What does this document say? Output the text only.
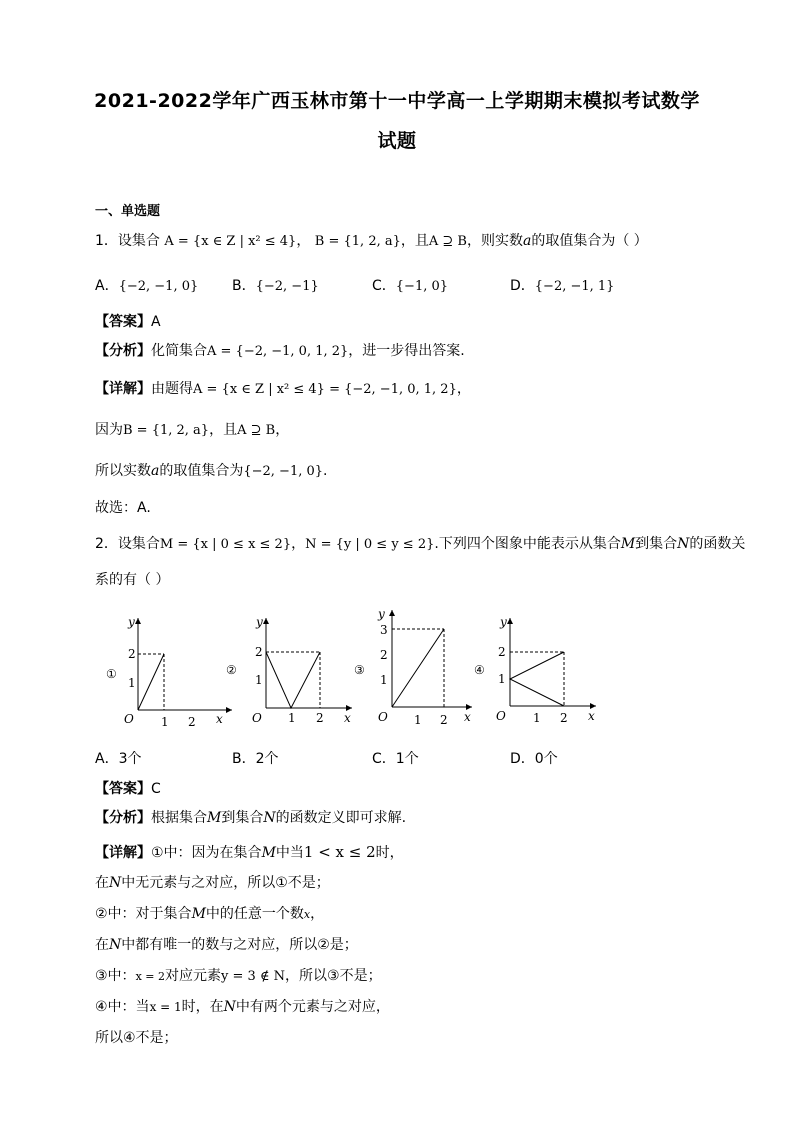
2021-2022学年广西玉林市第十一中学高一上学期期末模拟考试数学
试题
一、单选题
1．设集合 A = {x ∈ Z | x² ≤ 4}， B = {1, 2, a}，且A ⊇ B，则实数a的取值集合为（ ）
A．{−2, −1, 0} B．{−2, −1}	C．{−1, 0}	D．{−2, −1, 1}
【答案】A
【分析】化简集合A = {−2, −1, 0, 1, 2}，进一步得出答案.
【详解】由题得A = {x ∈ Z | x² ≤ 4} = {−2, −1, 0, 1, 2}，
因为B = {1, 2, a}，且A ⊇ B，
所以实数a的取值集合为{−2, −1, 0}.
故选：A.
2．设集合M = {x | 0 ≤ x ≤ 2}，N = {y | 0 ≤ y ≤ 2}.下列四个图象中能表示从集合M到集合N的函数关
系的有（ ）
①
y
x
O 1 2
1
2
②
y
x
O 1 2
1
2
③
y
x
O 1 2
1
2
3
④
y
x
O 1 2
1
2
A．3个	B．2个	C．1个	D．0个
【答案】C
【分析】根据集合M到集合N的函数定义即可求解.
【详解】①中：因为在集合M中当1 < x ≤ 2时，
在N中无元素与之对应，所以①不是；
②中：对于集合M中的任意一个数x，
在N中都有唯一的数与之对应，所以②是；
③中：x = 2对应元素y = 3 ∉ N，所以③不是；
④中：当x = 1时，在N中有两个元素与之对应，
所以④不是；
